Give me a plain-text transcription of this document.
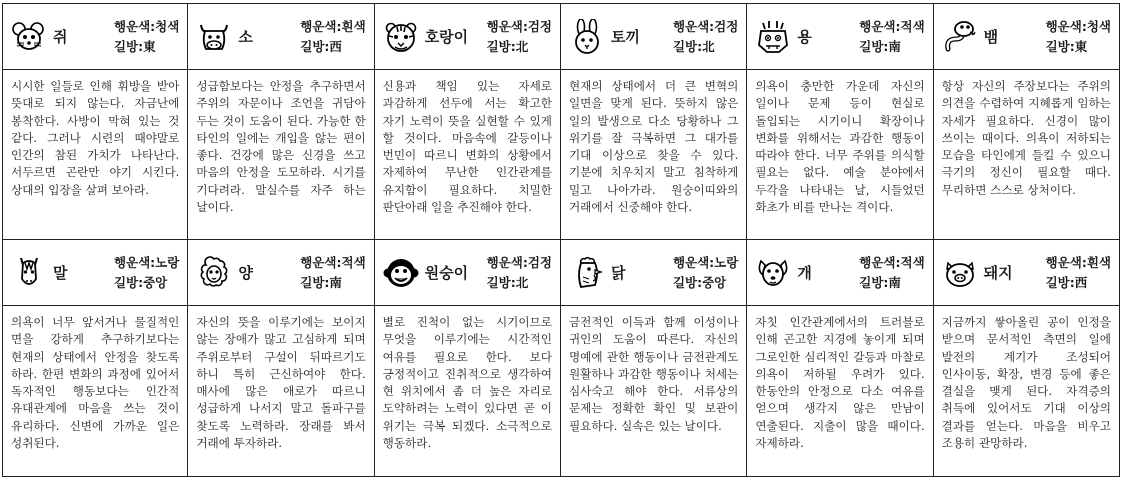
쥐
행운색:청색
길방:東
시시한 일들로 인해 휘방을 받아 뜻대로 되지 않는다. 자금난에 봉착한다. 사방이 막혀 있는 것 같다. 그러나 시련의 때야말로 인간의 참된 가치가 나타난다. 서두르면 곤란만 야기 시킨다. 상대의 입장을 살펴 보아라.
소
행운색:흰색
길방:西
성급함보다는 안정을 추구하면서 주위의 자문이나 조언을 귀담아 두는 것이 도움이 된다. 가능한 한 타인의 일에는 개입을 않는 편이 좋다. 건강에 많은 신경을 쓰고 마음의 안정을 도모하라. 시기를 기다려라. 말실수를 자주 하는 날이다.
호랑이
행운색:검정
길방:北
신용과 책임 있는 자세로 과감하게 선두에 서는 확고한 자기 노력이 뜻을 실현할 수 있게 할 것이다. 마음속에 갈등이나 번민이 따르니 변화의 상황에서 자제하여 무난한 인간관계를 유지함이 필요하다. 치밀한 판단아래 일을 추진해야 한다.
토끼
행운색:검정
길방:北
현재의 상태에서 더 큰 변혁의 일면을 맞게 된다. 뜻하지 않은 일의 발생으로 다소 당황하나 그 위기를 잘 극복하면 그 대가를 기대 이상으로 찾을 수 있다. 기분에 치우치지 말고 침착하게 밀고 나아가라. 원숭이띠와의 거래에서 신중해야 한다.
용
행운색:적색
길방:南
의욕이 충만한 가운데 자신의 일이나 문제 등이 현실로 돌입되는 시기이니 확장이나 변화를 위해서는 과감한 행동이 따라야 한다. 너무 주위를 의식할 필요는 없다. 예술 분야에서 두각을 나타내는 날, 시들었던 화초가 비를 만나는 격이다.
뱀
행운색:청색
길방:東
항상 자신의 주장보다는 주위의 의견을 수렴하여 지혜롭게 임하는 자세가 필요하다. 신경이 많이 쓰이는 때이다. 의욕이 저하되는 모습을 타인에게 들킬 수 있으니 극기의 정신이 필요할 때다. 무리하면 스스로 상처이다.
말
행운색:노랑
길방:중앙
의욕이 너무 앞서거나 물질적인 면을 강하게 추구하기보다는 현재의 상태에서 안정을 찾도록 하라. 한편 변화의 과정에 있어서 독자적인 행동보다는 인간적 유대관계에 마음을 쓰는 것이 유리하다. 신변에 가까운 일은 성취된다.
양
행운색:적색
길방:南
자신의 뜻을 이루기에는 보이지 않는 장애가 많고 고심하게 되며 주위로부터 구설이 뒤따르기도 하니 특히 근신하여야 한다. 매사에 많은 애로가 따르니 성급하게 나서지 말고 돌파구를 찾도록 노력하라. 장래를 봐서 거래에 투자하라.
원숭이
행운색:검정
길방:北
별로 진척이 없는 시기이므로 무엇을 이루기에는 시간적인 여유를 필요로 한다. 보다 긍정적이고 진취적으로 생각하여 현 위치에서 좀 더 높은 자리로 도약하려는 노력이 있다면 곧 이 위기는 극복 되겠다. 소극적으로 행동하라.
닭
행운색:노랑
길방:중앙
금전적인 이득과 함께 이성이나 귀인의 도움이 따른다. 자신의 명예에 관한 행동이나 금전관계도 원활하나 과감한 행동이나 처세는 심사숙고 해야 한다. 서류상의 문제는 정확한 확인 및 보관이 필요하다. 실속은 있는 날이다.
개
행운색:적색
길방:南
자칫 인간관계에서의 트러블로 인해 곤고한 지경에 놓이게 되며 그로인한 심리적인 갈등과 마찰로 의욕이 저하될 우려가 있다. 한동안의 안정으로 다소 여유를 얻으며 생각지 않은 만남이 연출된다. 지출이 많을 때이다. 자제하라.
돼지
행운색:흰색
길방:西
지금까지 쌓아올린 공이 인정을 받으며 문서적인 측면의 일에 발전의 계기가 조성되어 인사이동, 확장, 변경 등에 좋은 결실을 맺게 된다. 자격증의 취득에 있어서도 기대 이상의 결과를 얻는다. 마음을 비우고 조용히 관망하라.
